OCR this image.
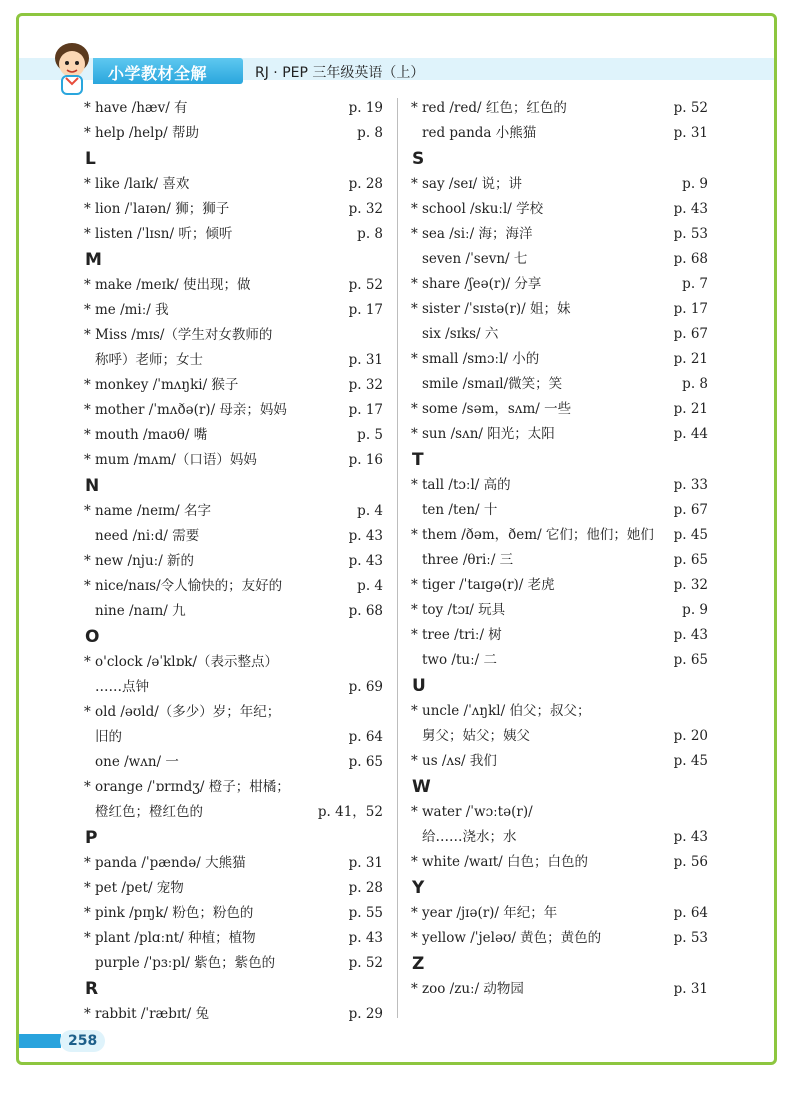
小学教材全解	RJ · PEP 三年级英语（上）
* have /hæv/ 有	p. 19
* help /help/ 帮助	p. 8
L
* like /laɪk/ 喜欢	p. 28
* lion /ˈlaɪən/ 狮；狮子	p. 32
* listen /ˈlɪsn/ 听；倾听	p. 8
M
* make /meɪk/ 使出现；做	p. 52
* me /miː/ 我	p. 17
* Miss /mɪs/（学生对女教师的
称呼）老师；女士	p. 31
* monkey /ˈmʌŋki/ 猴子	p. 32
* mother /ˈmʌðə(r)/ 母亲；妈妈	p. 17
* mouth /maʊθ/ 嘴	p. 5
* mum /mʌm/（口语）妈妈	p. 16
N
* name /neɪm/ 名字	p. 4
need /niːd/ 需要	p. 43
* new /njuː/ 新的	p. 43
* nice/naɪs/令人愉快的；友好的	p. 4
nine /naɪn/ 九	p. 68
O
* o'clock /əˈklɒk/（表示整点）
……点钟	p. 69
* old /əʊld/（多少）岁；年纪；
旧的	p. 64
one /wʌn/ 一	p. 65
* orange /ˈɒrɪndʒ/ 橙子；柑橘；
橙红色；橙红色的	p. 41，52
P
* panda /ˈpændə/ 大熊猫	p. 31
* pet /pet/ 宠物	p. 28
* pink /pɪŋk/ 粉色；粉色的	p. 55
* plant /plɑːnt/ 种植；植物	p. 43
purple /ˈpɜːpl/ 紫色；紫色的	p. 52
R
* rabbit /ˈræbɪt/ 兔	p. 29
* red /red/ 红色；红色的	p. 52
red panda 小熊猫	p. 31
S
* say /seɪ/ 说；讲	p. 9
* school /skuːl/ 学校	p. 43
* sea /siː/ 海；海洋	p. 53
seven /ˈsevn/ 七	p. 68
* share /ʃeə(r)/ 分享	p. 7
* sister /ˈsɪstə(r)/ 姐；妹	p. 17
six /sɪks/ 六	p. 67
* small /smɔːl/ 小的	p. 21
smile /smaɪl/微笑；笑	p. 8
* some /səm，sʌm/ 一些	p. 21
* sun /sʌn/ 阳光；太阳	p. 44
T
* tall /tɔːl/ 高的	p. 33
ten /ten/ 十	p. 67
* them /ðəm，ðem/ 它们；他们；她们 p. 45
three /θriː/ 三	p. 65
* tiger /ˈtaɪɡə(r)/ 老虎	p. 32
* toy /tɔɪ/ 玩具	p. 9
* tree /triː/ 树	p. 43
two /tuː/ 二	p. 65
U
* uncle /ˈʌŋkl/ 伯父；叔父；
舅父；姑父；姨父	p. 20
* us /ʌs/ 我们	p. 45
W
* water /ˈwɔːtə(r)/
给……浇水；水	p. 43
* white /waɪt/ 白色；白色的	p. 56
Y
* year /jɪə(r)/ 年纪；年	p. 64
* yellow /ˈjeləʊ/ 黄色；黄色的	p. 53
Z
* zoo /zuː/ 动物园	p. 31
258
